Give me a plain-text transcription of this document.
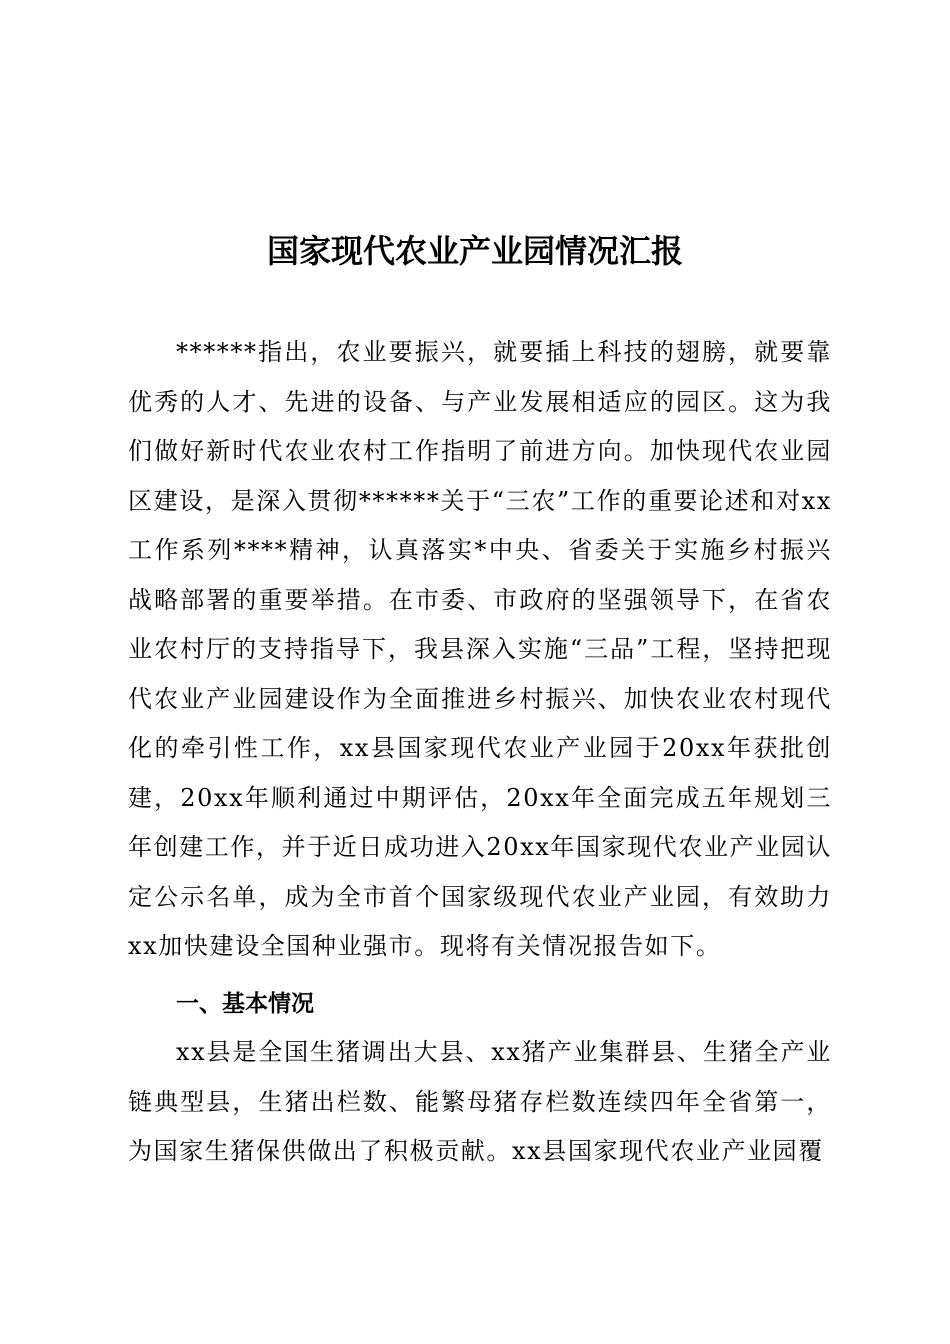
国家现代农业产业园情况汇报

******指出，农业要振兴，就要插上科技的翅膀，就要靠优秀的人才、先进的设备、与产业发展相适应的园区。这为我们做好新时代农业农村工作指明了前进方向。加快现代农业园区建设，是深入贯彻******关于“三农”工作的重要论述和对xx工作系列****精神，认真落实*中央、省委关于实施乡村振兴战略部署的重要举措。在市委、市政府的坚强领导下，在省农业农村厅的支持指导下，我县深入实施“三品”工程，坚持把现代农业产业园建设作为全面推进乡村振兴、加快农业农村现代化的牵引性工作，xx县国家现代农业产业园于20xx年获批创建，20xx年顺利通过中期评估，20xx年全面完成五年规划三年创建工作，并于近日成功进入20xx年国家现代农业产业园认定公示名单，成为全市首个国家级现代农业产业园，有效助力xx加快建设全国种业强市。现将有关情况报告如下。

一、基本情况

xx县是全国生猪调出大县、xx猪产业集群县、生猪全产业链典型县，生猪出栏数、能繁母猪存栏数连续四年全省第一，为国家生猪保供做出了积极贡献。xx县国家现代农业产业园覆
